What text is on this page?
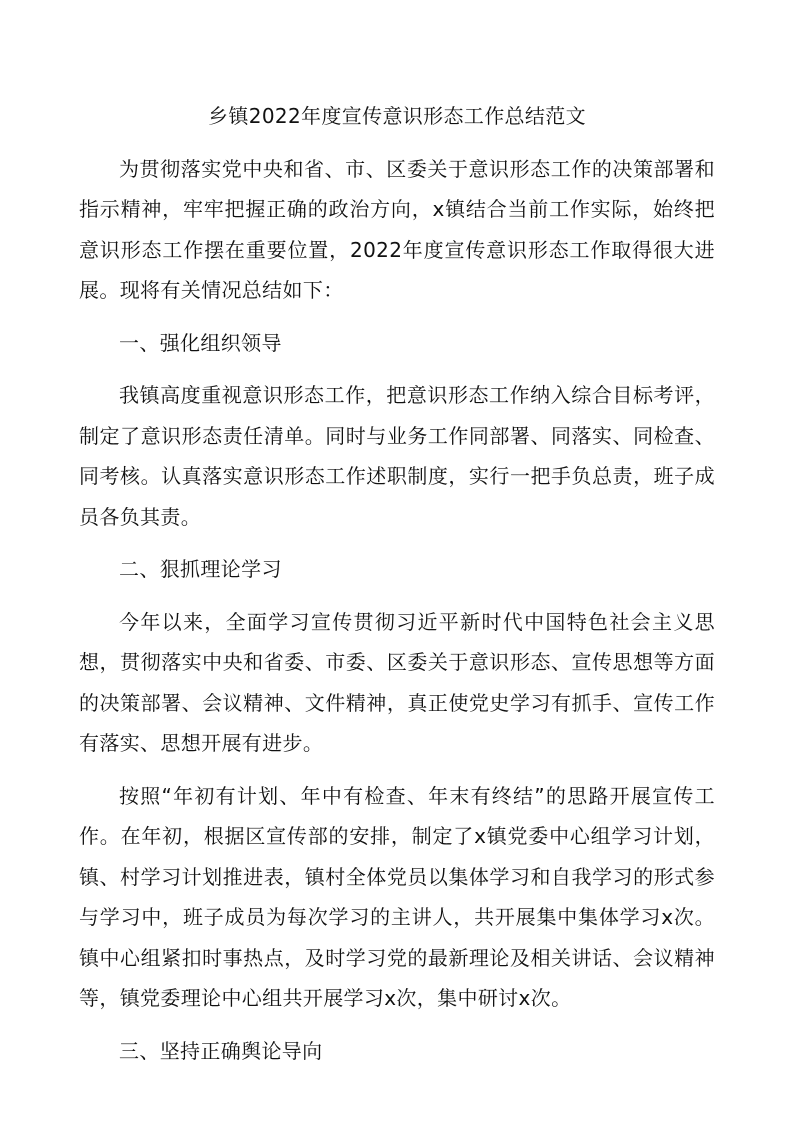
乡镇2022年度宣传意识形态工作总结范文

为贯彻落实党中央和省、市、区委关于意识形态工作的决策部署和指示精神，牢牢把握正确的政治方向，x镇结合当前工作实际，始终把意识形态工作摆在重要位置，2022年度宣传意识形态工作取得很大进展。现将有关情况总结如下：

一、强化组织领导

我镇高度重视意识形态工作，把意识形态工作纳入综合目标考评，制定了意识形态责任清单。同时与业务工作同部署、同落实、同检查、同考核。认真落实意识形态工作述职制度，实行一把手负总责，班子成员各负其责。

二、狠抓理论学习

今年以来，全面学习宣传贯彻习近平新时代中国特色社会主义思想，贯彻落实中央和省委、市委、区委关于意识形态、宣传思想等方面的决策部署、会议精神、文件精神，真正使党史学习有抓手、宣传工作有落实、思想开展有进步。

按照“年初有计划、年中有检查、年末有终结”的思路开展宣传工作。在年初，根据区宣传部的安排，制定了x镇党委中心组学习计划，镇、村学习计划推进表，镇村全体党员以集体学习和自我学习的形式参与学习中，班子成员为每次学习的主讲人，共开展集中集体学习x次。镇中心组紧扣时事热点，及时学习党的最新理论及相关讲话、会议精神等，镇党委理论中心组共开展学习x次，集中研讨x次。

三、坚持正确舆论导向
